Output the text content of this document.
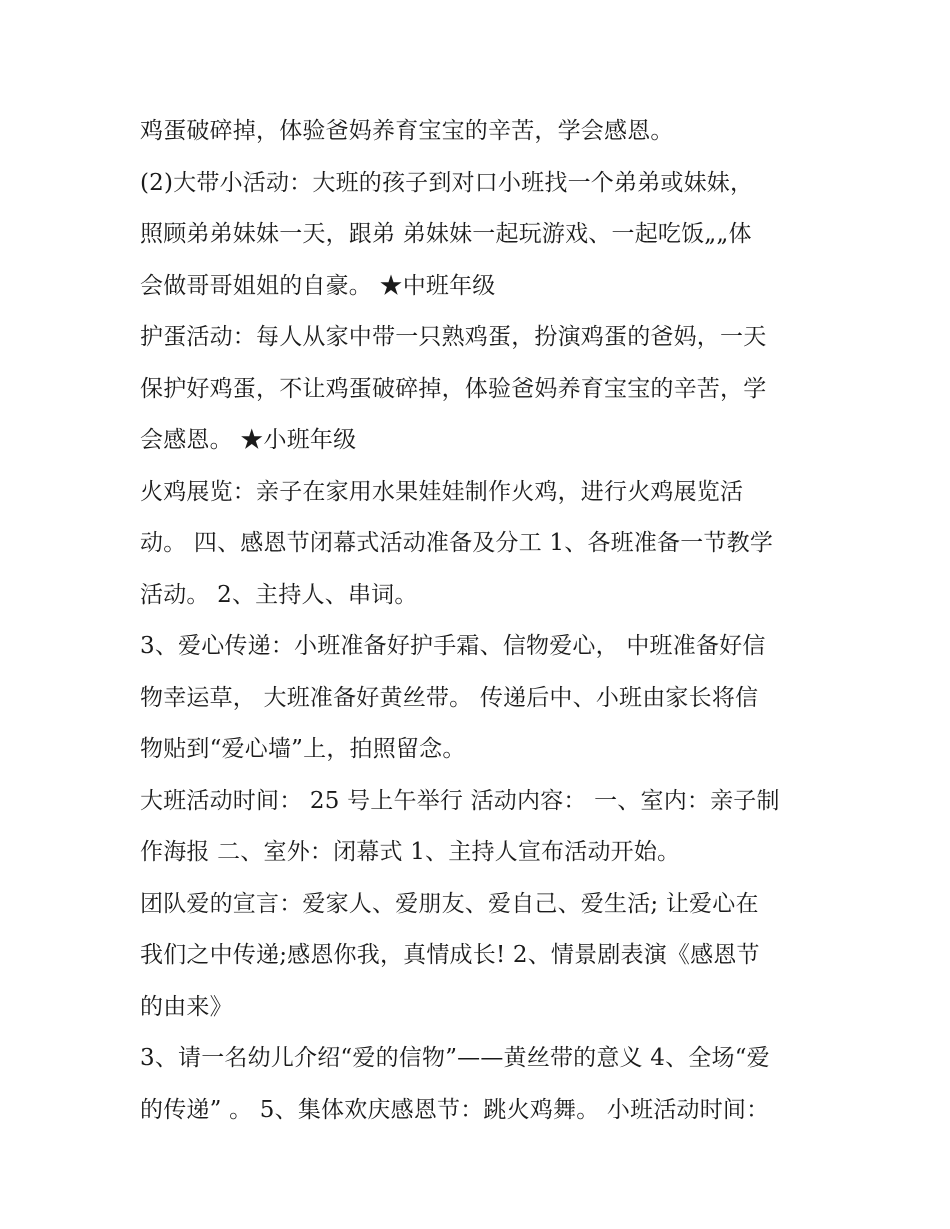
鸡蛋破碎掉，体验爸妈养育宝宝的辛苦，学会感恩。
(2)大带小活动：大班的孩子到对口小班找一个弟弟或妹妹，
照顾弟弟妹妹一天，跟弟 弟妹妹一起玩游戏、一起吃饭„„体
会做哥哥姐姐的自豪。 ★中班年级
护蛋活动：每人从家中带一只熟鸡蛋，扮演鸡蛋的爸妈，一天
保护好鸡蛋，不让鸡蛋破碎掉，体验爸妈养育宝宝的辛苦，学
会感恩。 ★小班年级
火鸡展览：亲子在家用水果娃娃制作火鸡，进行火鸡展览活
动。 四、感恩节闭幕式活动准备及分工 1、各班准备一节教学
活动。 2、主持人、串词。
3、爱心传递：小班准备好护手霜、信物爱心， 中班准备好信
物幸运草， 大班准备好黄丝带。 传递后中、小班由家长将信
物贴到“爱心墙”上，拍照留念。
大班活动时间： 25 号上午举行 活动内容： 一、室内：亲子制
作海报 二、室外：闭幕式 1、主持人宣布活动开始。
团队爱的宣言：爱家人、爱朋友、爱自己、爱生活; 让爱心在
我们之中传递;感恩你我，真情成长! 2、情景剧表演《感恩节
的由来》
3、请一名幼儿介绍“爱的信物”——黄丝带的意义 4、全场“爱
的传递” 。 5、集体欢庆感恩节：跳火鸡舞。 小班活动时间：
